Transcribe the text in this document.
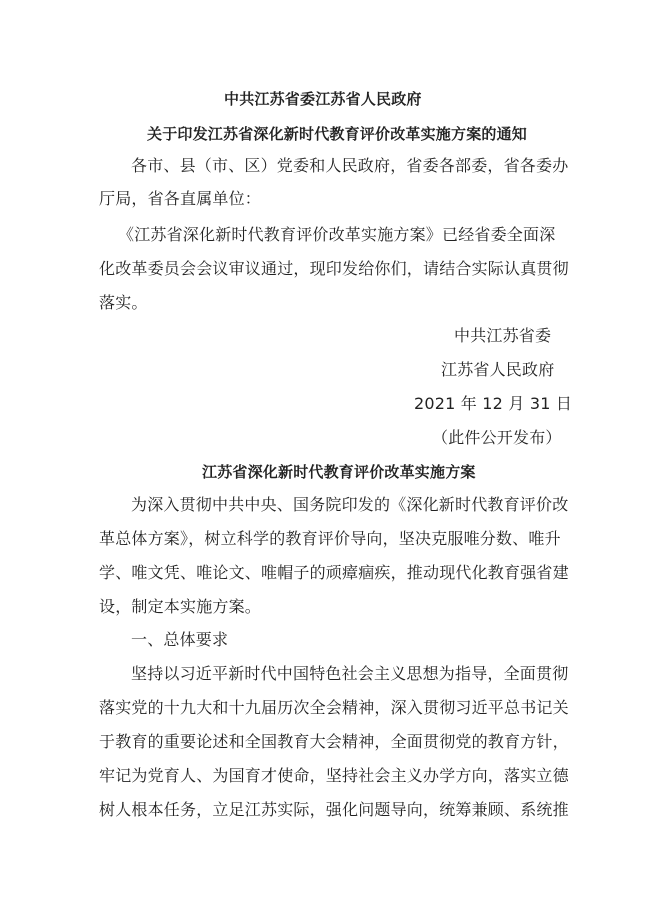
中共江苏省委江苏省人民政府
关于印发江苏省深化新时代教育评价改革实施方案的通知
各市、县（市、区）党委和人民政府，省委各部委，省各委办
厅局，省各直属单位：
《江苏省深化新时代教育评价改革实施方案》已经省委全面深
化改革委员会会议审议通过，现印发给你们，请结合实际认真贯彻
落实。
中共江苏省委
江苏省人民政府
2021 年 12 月 31 日
（此件公开发布）
江苏省深化新时代教育评价改革实施方案
为深入贯彻中共中央、国务院印发的《深化新时代教育评价改
革总体方案》，树立科学的教育评价导向，坚决克服唯分数、唯升
学、唯文凭、唯论文、唯帽子的顽瘴痼疾，推动现代化教育强省建
设，制定本实施方案。
一、总体要求
坚持以习近平新时代中国特色社会主义思想为指导，全面贯彻
落实党的十九大和十九届历次全会精神，深入贯彻习近平总书记关
于教育的重要论述和全国教育大会精神，全面贯彻党的教育方针，
牢记为党育人、为国育才使命，坚持社会主义办学方向，落实立德
树人根本任务，立足江苏实际，强化问题导向，统筹兼顾、系统推
